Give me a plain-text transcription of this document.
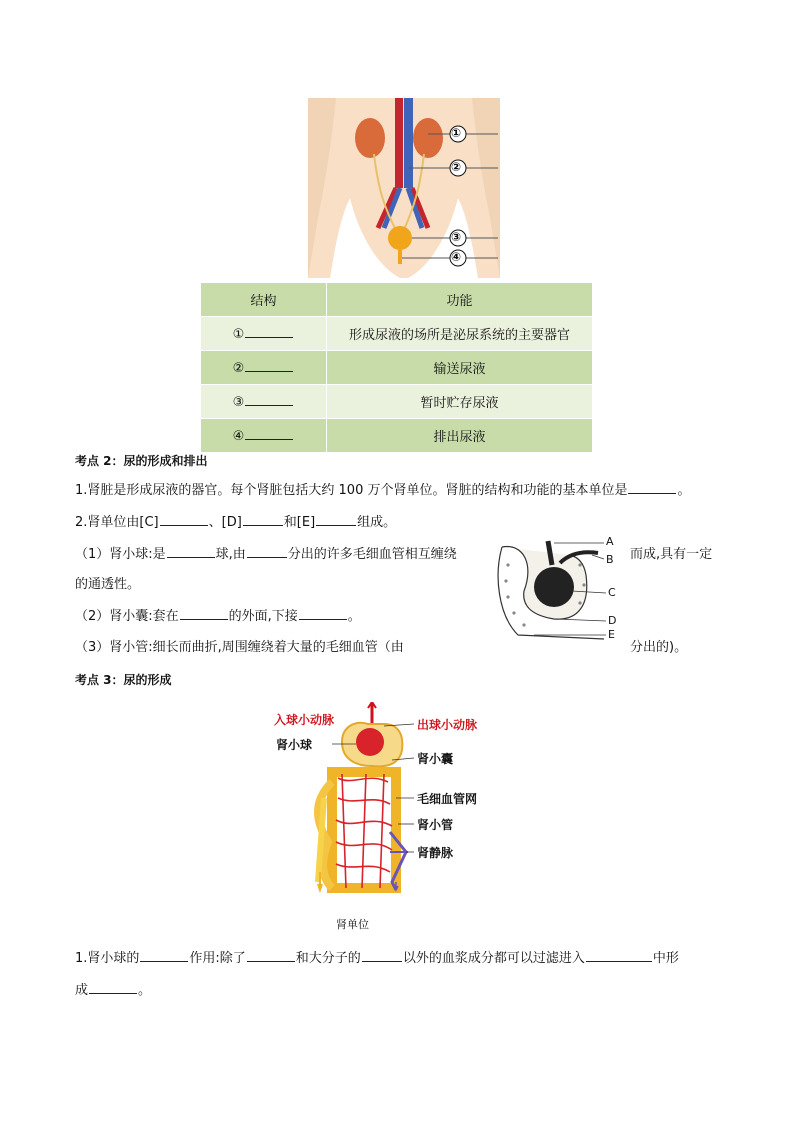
①
②
③
④
结构	功能
①	形成尿液的场所是泌尿系统的主要器官
②	输送尿液
③	暂时贮存尿液
④	排出尿液
考点 2：尿的形成和排出
1.肾脏是形成尿液的器官。每个肾脏包括大约 100 万个肾单位。肾脏的结构和功能的基本单位是	。
2.肾单位由[C]	、[D]	和[E]	组成。
（1）肾小球:是	球,由	分出的许多毛细血管相互缠绕	而成,具有一定
的通透性。
（2）肾小囊:套在	的外面,下接	。
（3）肾小管:细长而曲折,周围缠绕着大量的毛细血管（由	分出的)。
A
B
C
D
E
考点 3：尿的形成
入球小动脉	出球小动脉
肾小球
肾小囊
毛细血管网
肾小管
肾静脉
肾单位
1.肾小球的	作用:除了	和大分子的	以外的血浆成分都可以过滤进入	中形
成	。
